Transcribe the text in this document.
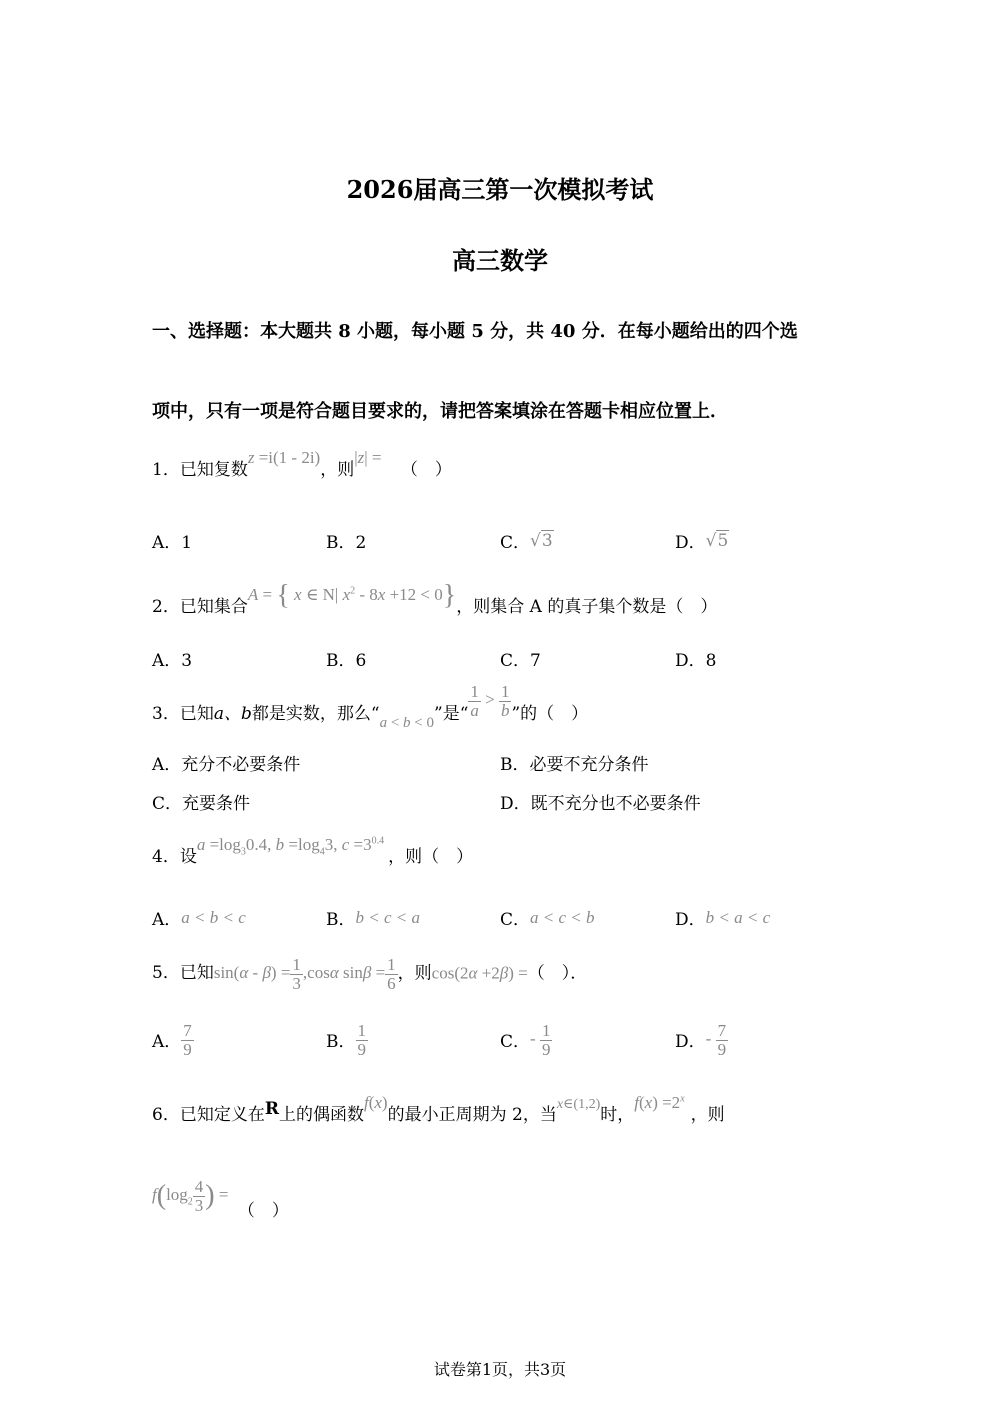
2026届高三第一次模拟考试
高三数学
一、选择题：本大题共 8 小题，每小题 5 分，共 40 分．在每小题给出的四个选
项中，只有一项是符合题目要求的，请把答案填涂在答题卡相应位置上．
1．已知复数z =i(1 - 2i)，则|z| = （　）
A．1	B．2	C．√3	D．√5
2．已知集合A = { x ∈ N| $x^2 - 8x +12 < 0$}，则集合 A 的真子集个数是（　）
A．3	B．6	C．7	D．8
3．已知a、b都是实数，那么“a < b < 0”是“ $\frac{1}{a} > \frac{1}{b}$ ”的（　）
A．充分不必要条件	B．必要不充分条件
C．充要条件	D．既不充分也不必要条件
4．设$a =\log_30.4$, $b =\log_43$, $c =3^{0.4}$，则（　）
A．a < b < c	B．b < c < a	C．a < c < b	D．b < a < c
5．已知$\sin(\alpha - \beta) = \frac{1}{3} ,\cos\alpha$ $\sin\beta = \frac{1}{6}$ ，则cos(2α +2β) =（　）．
A． $\frac{7}{9}$	B． $\frac{1}{9}$	C．- $\frac{1}{9}$	D．- $\frac{7}{9}$
6．已知定义在R上的偶函数f(x)的最小正周期为 2，当$^{x\in(1,2)}$时，$f(x) =2^x$，则
$f(\log_2 \frac{4}{3}$ ) = （　）
试卷第1页，共3页
